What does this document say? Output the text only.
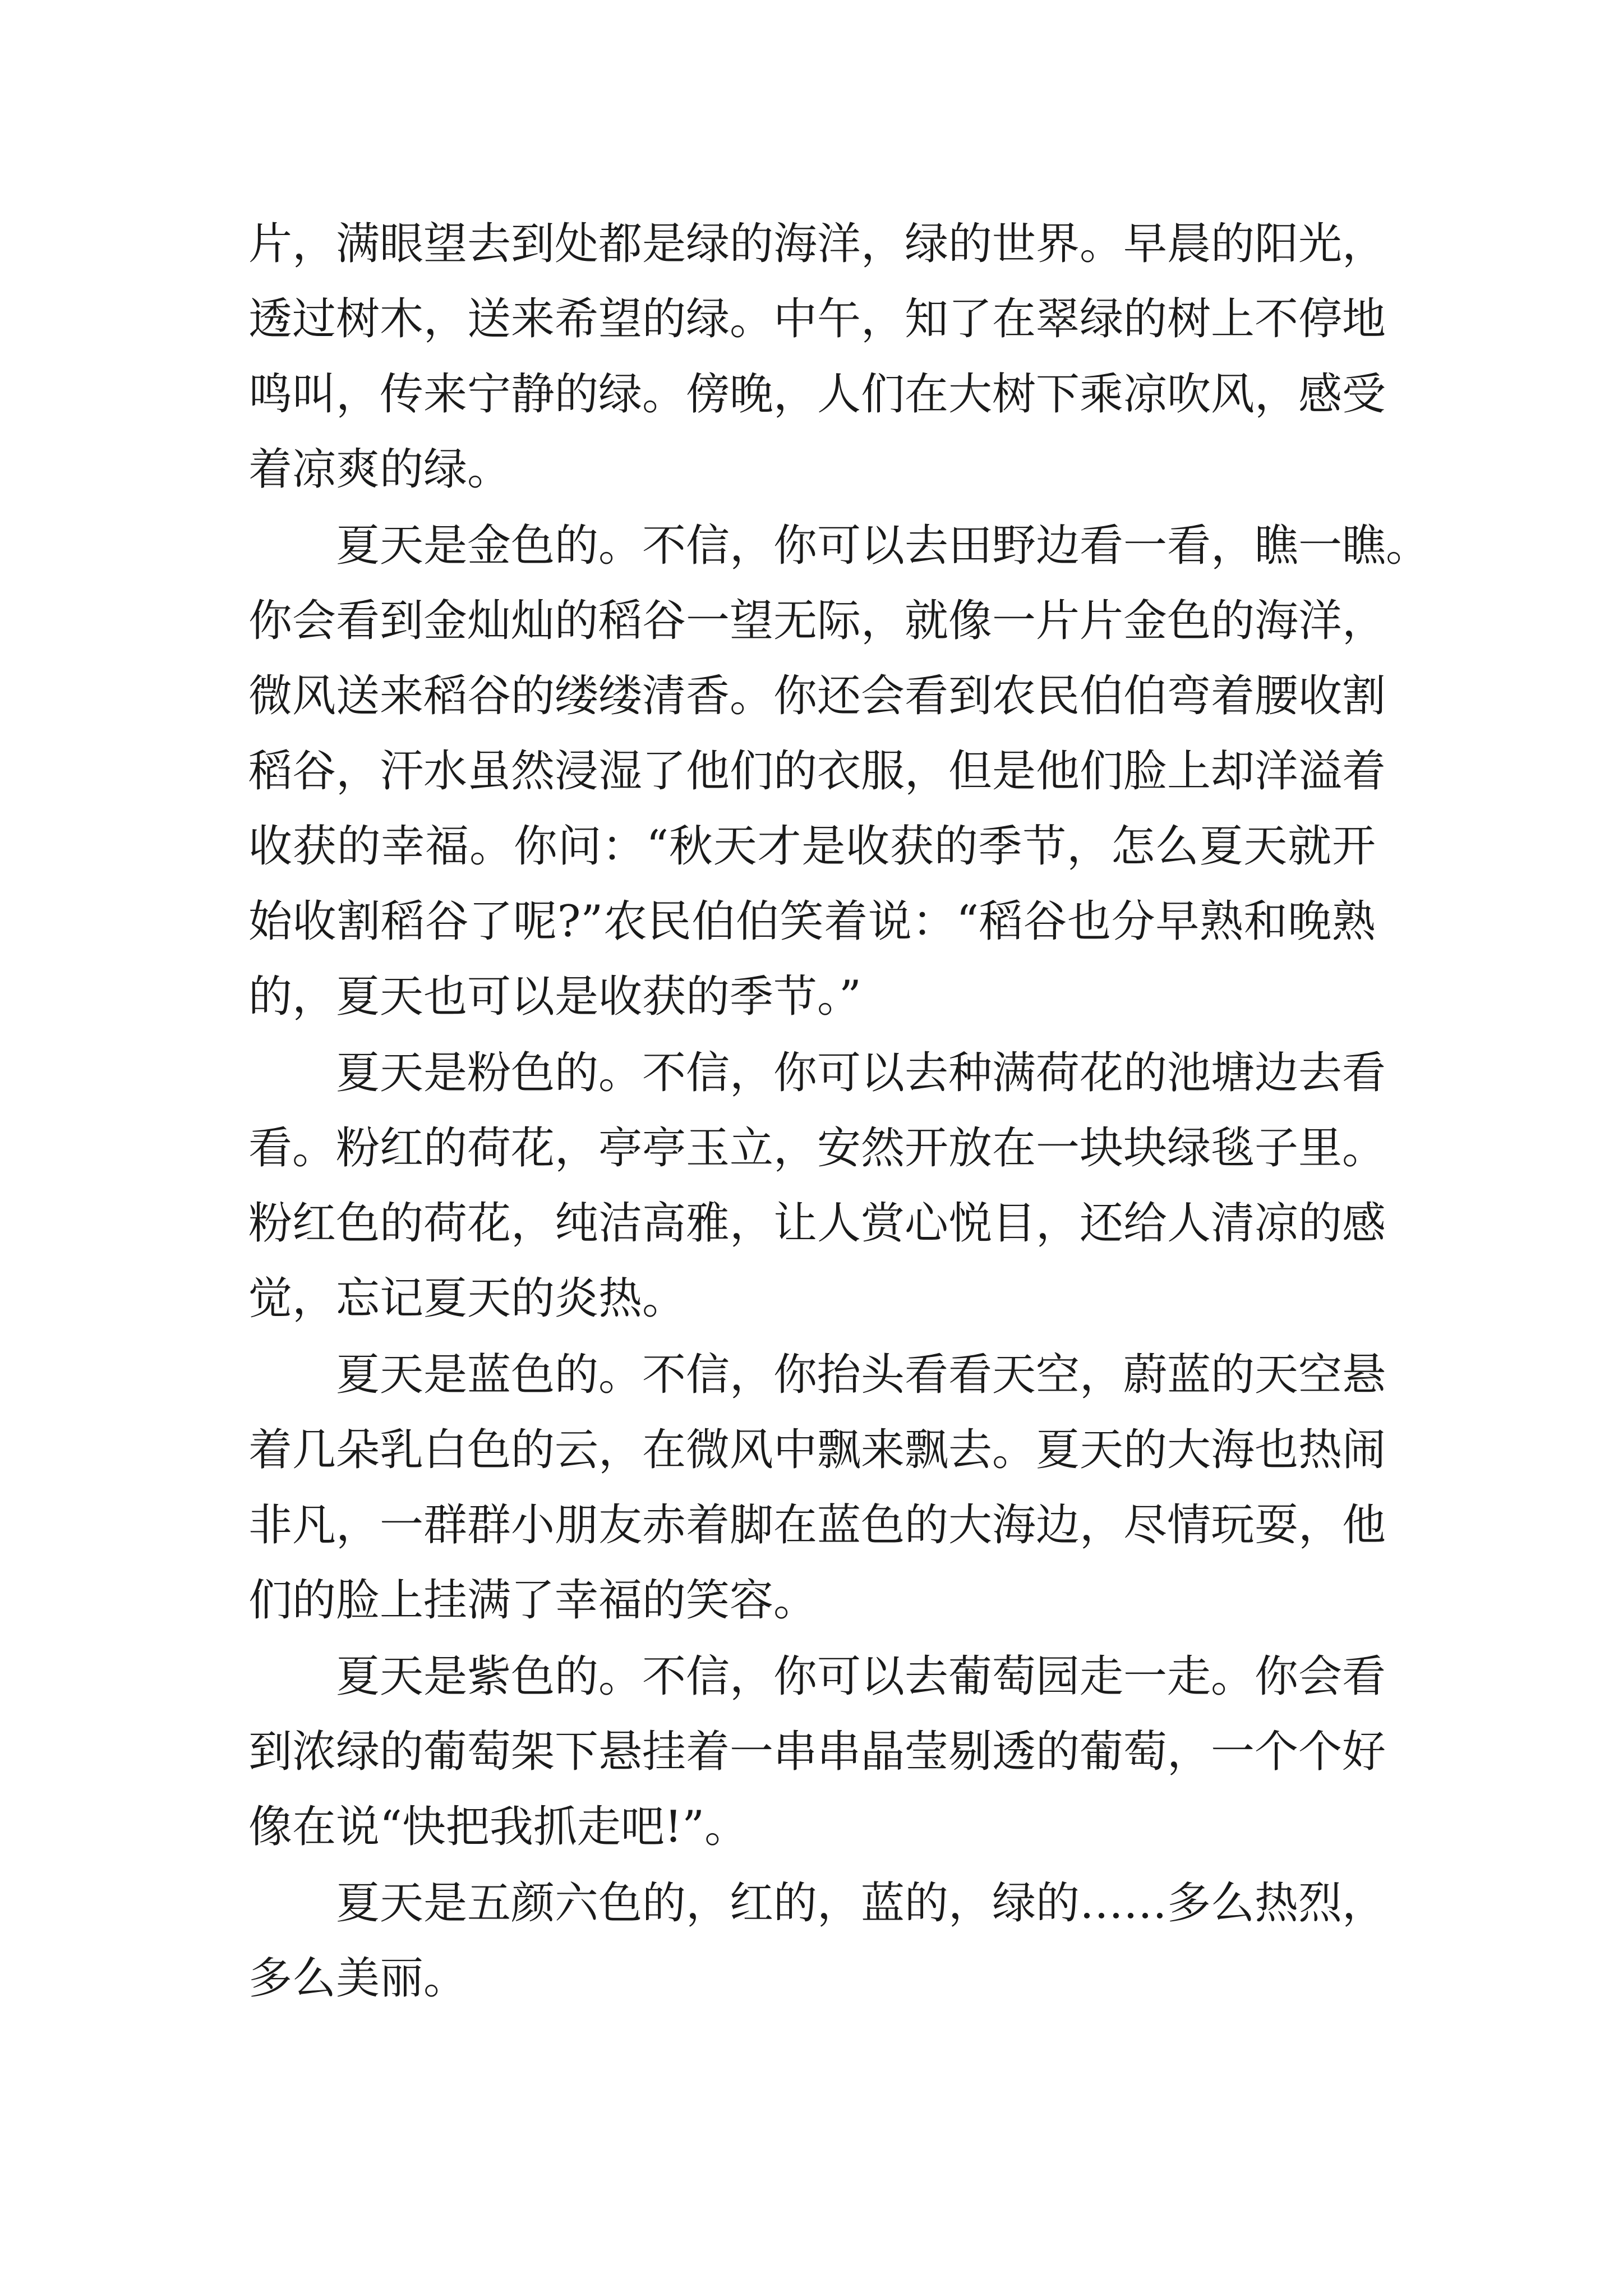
片，满眼望去到处都是绿的海洋，绿的世界。早晨的阳光，
透过树木，送来希望的绿。中午，知了在翠绿的树上不停地
鸣叫，传来宁静的绿。傍晚，人们在大树下乘凉吹风，感受
着凉爽的绿。
夏天是金色的。不信，你可以去田野边看一看，瞧一瞧。
你会看到金灿灿的稻谷一望无际，就像一片片金色的海洋，
微风送来稻谷的缕缕清香。你还会看到农民伯伯弯着腰收割
稻谷，汗水虽然浸湿了他们的衣服，但是他们脸上却洋溢着
收获的幸福。你问：“秋天才是收获的季节，怎么夏天就开
始收割稻谷了呢?”农民伯伯笑着说：“稻谷也分早熟和晚熟
的，夏天也可以是收获的季节。”
夏天是粉色的。不信，你可以去种满荷花的池塘边去看
看。粉红的荷花，亭亭玉立，安然开放在一块块绿毯子里。
粉红色的荷花，纯洁高雅，让人赏心悦目，还给人清凉的感
觉，忘记夏天的炎热。
夏天是蓝色的。不信，你抬头看看天空，蔚蓝的天空悬
着几朵乳白色的云，在微风中飘来飘去。夏天的大海也热闹
非凡，一群群小朋友赤着脚在蓝色的大海边，尽情玩耍，他
们的脸上挂满了幸福的笑容。
夏天是紫色的。不信，你可以去葡萄园走一走。你会看
到浓绿的葡萄架下悬挂着一串串晶莹剔透的葡萄，一个个好
像在说“快把我抓走吧!”。
夏天是五颜六色的，红的，蓝的，绿的……多么热烈，
多么美丽。
